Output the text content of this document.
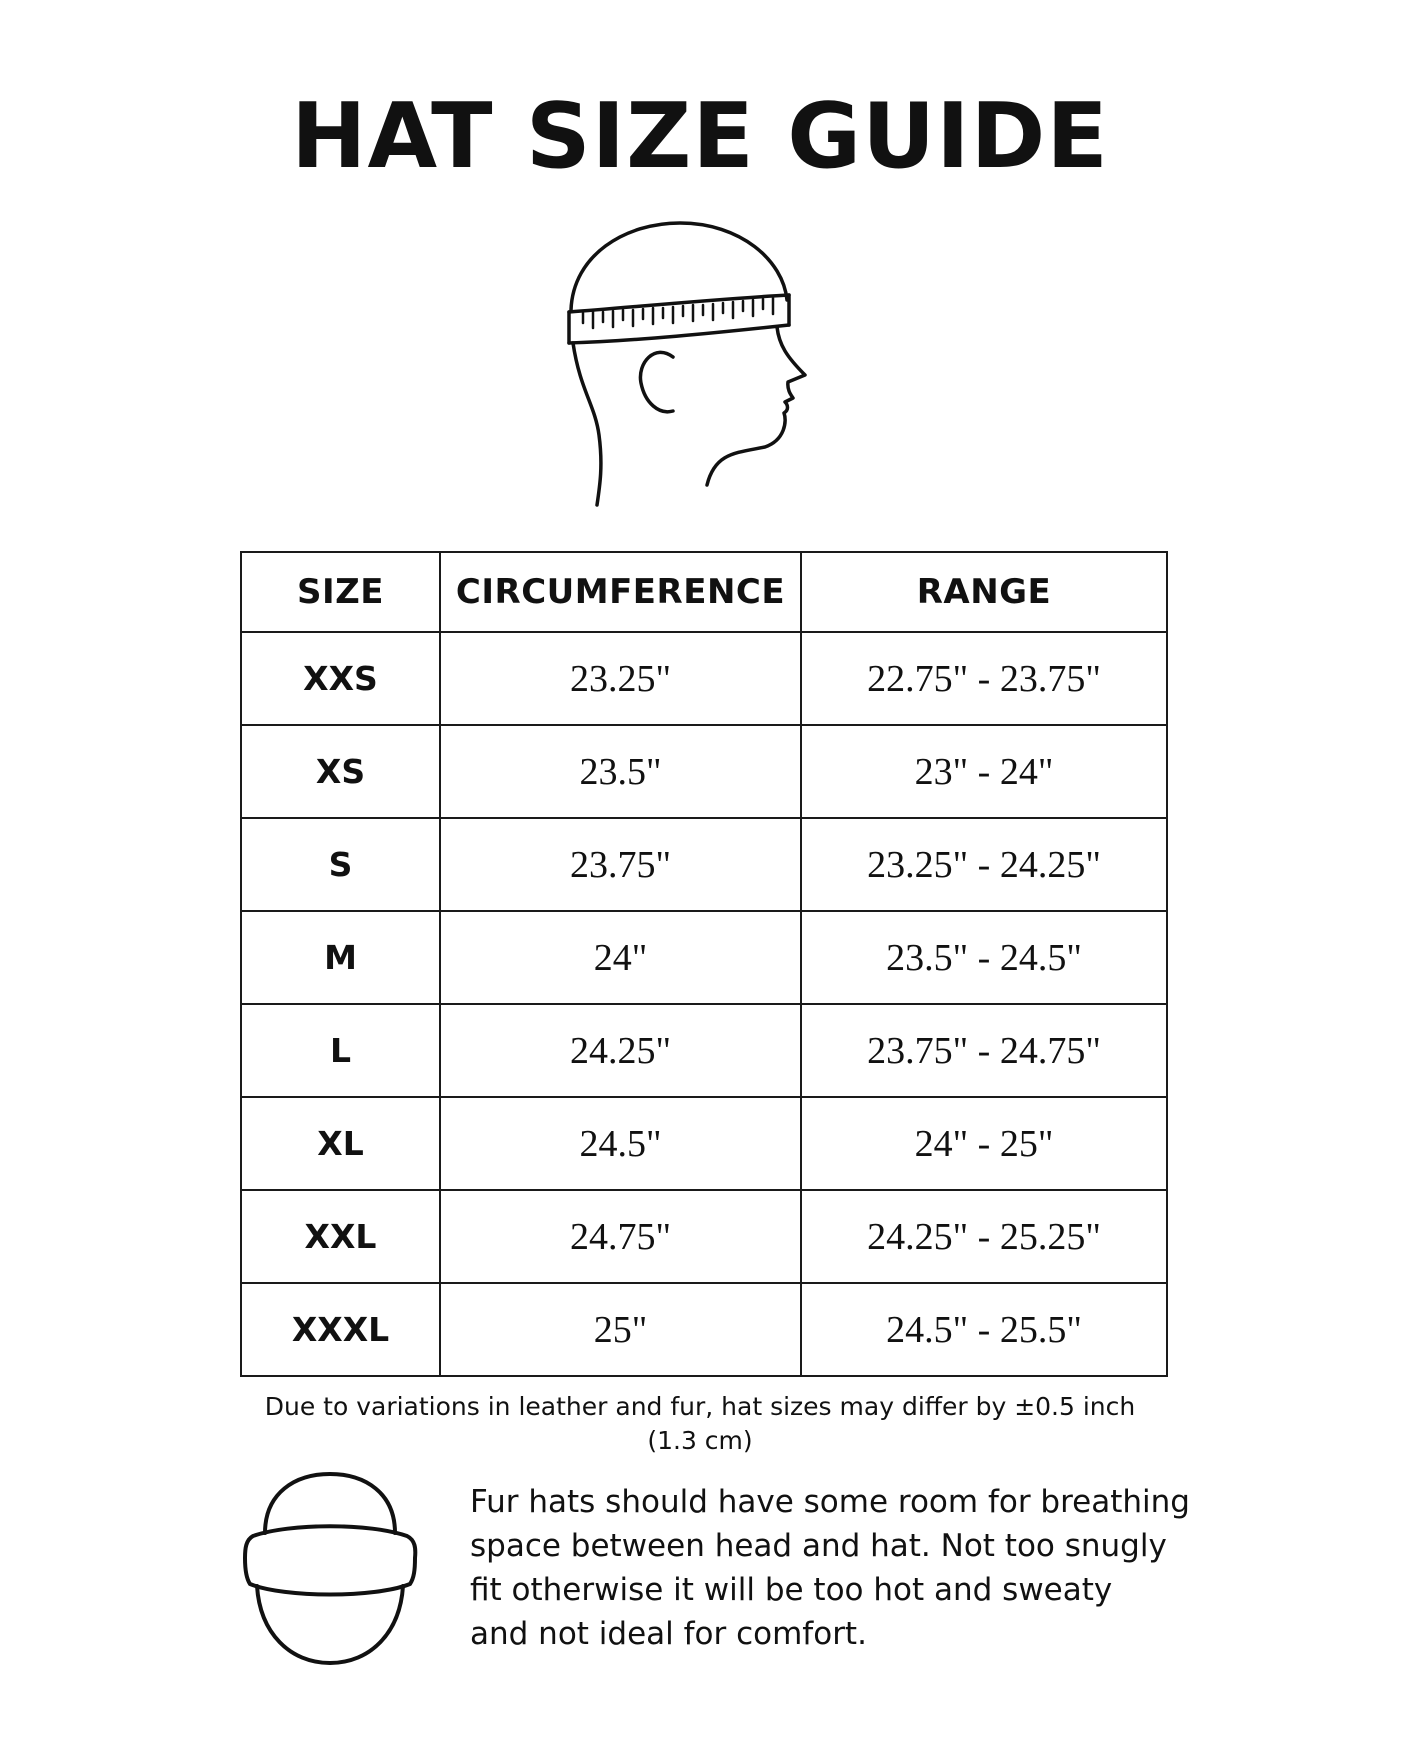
HAT SIZE GUIDE
SIZE	CIRCUMFERENCE	RANGE
XXS	23.25"	22.75" - 23.75"
XS	23.5"	23" - 24"
S	23.75"	23.25" - 24.25"
M	24"	23.5" - 24.5"
L	24.25"	23.75" - 24.75"
XL	24.5"	24" - 25"
XXL	24.75"	24.25" - 25.25"
XXXL	25"	24.5" - 25.5"
Due to variations in leather and fur, hat sizes may differ by ±0.5 inch
(1.3 cm)
Fur hats should have some room for breathing
space between head and hat. Not too snugly
fit otherwise it will be too hot and sweaty
and not ideal for comfort.
